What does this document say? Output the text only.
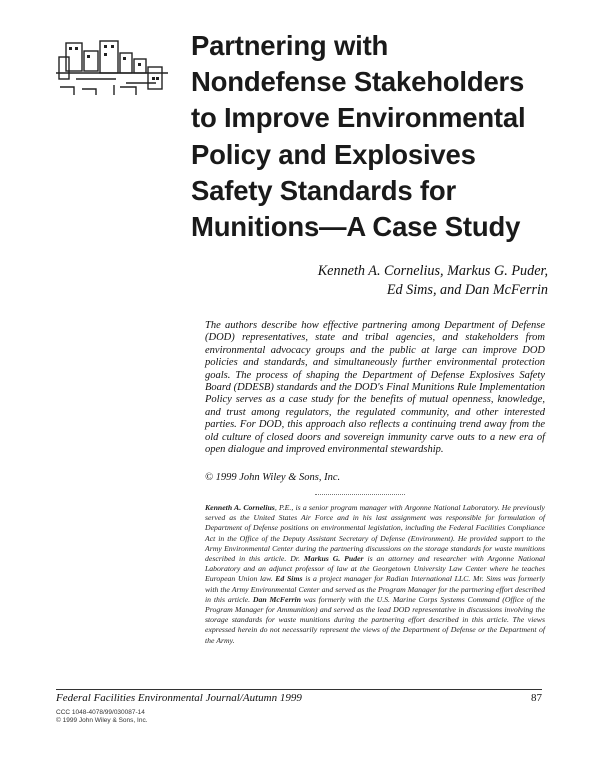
Partnering with
Nondefense Stakeholders
to Improve Environmental
Policy and Explosives
Safety Standards for
Munitions—A Case Study
Kenneth A. Cornelius, Markus G. Puder,
Ed Sims, and Dan McFerrin

The authors describe how effective partnering among Department of Defense (DOD) representatives, state and tribal agencies, and stakeholders from environmental advocacy groups and the public at large can improve DOD policies and standards, and simultaneously further environmental protection goals. The process of shaping the Department of Defense Explosives Safety Board (DDESB) standards and the DOD's Final Munitions Rule Implementation Policy serves as a case study for the benefits of mutual openness, knowledge, and trust among regulators, the regulated community, and other interested parties. For DOD, this approach also reflects a continuing trend away from the old culture of closed doors and sovereign immunity carve outs to a new era of open dialogue and improved environmental stewardship.

© 1999 John Wiley & Sons, Inc.
Kenneth A. Cornelius, P.E., is a senior program manager with Argonne National Laboratory. He previously served as the United States Air Force and in his last assignment was responsible for formulation of Department of Defense positions on environmental legislation, including the Federal Facilities Compliance Act in the Office of the Deputy Assistant Secretary of Defense (Environment). He provided support to the Army Environmental Center during the partnering discussions on the storage standards for waste munitions described in this article. Dr. Markus G. Puder is an attorney and researcher with Argonne National Laboratory and an adjunct professor of law at the Georgetown University Law Center where he teaches European Union law. Ed Sims is a project manager for Radian International LLC. Mr. Sims was formerly with the Army Environmental Center and served as the Program Manager for the partnering effort described in this article. Dan McFerrin was formerly with the U.S. Marine Corps Systems Command (Office of the Program Manager for Ammunition) and served as the lead DOD representative in discussions involving the storage standards for waste munitions during the partnering effort described in this article. The views expressed herein do not necessarily represent the views of the Department of Defense or the Department of the Army.
Federal Facilities Environmental Journal/Autumn 1999	87
CCC 1048-4078/99/030087-14
© 1999 John Wiley & Sons, Inc.
